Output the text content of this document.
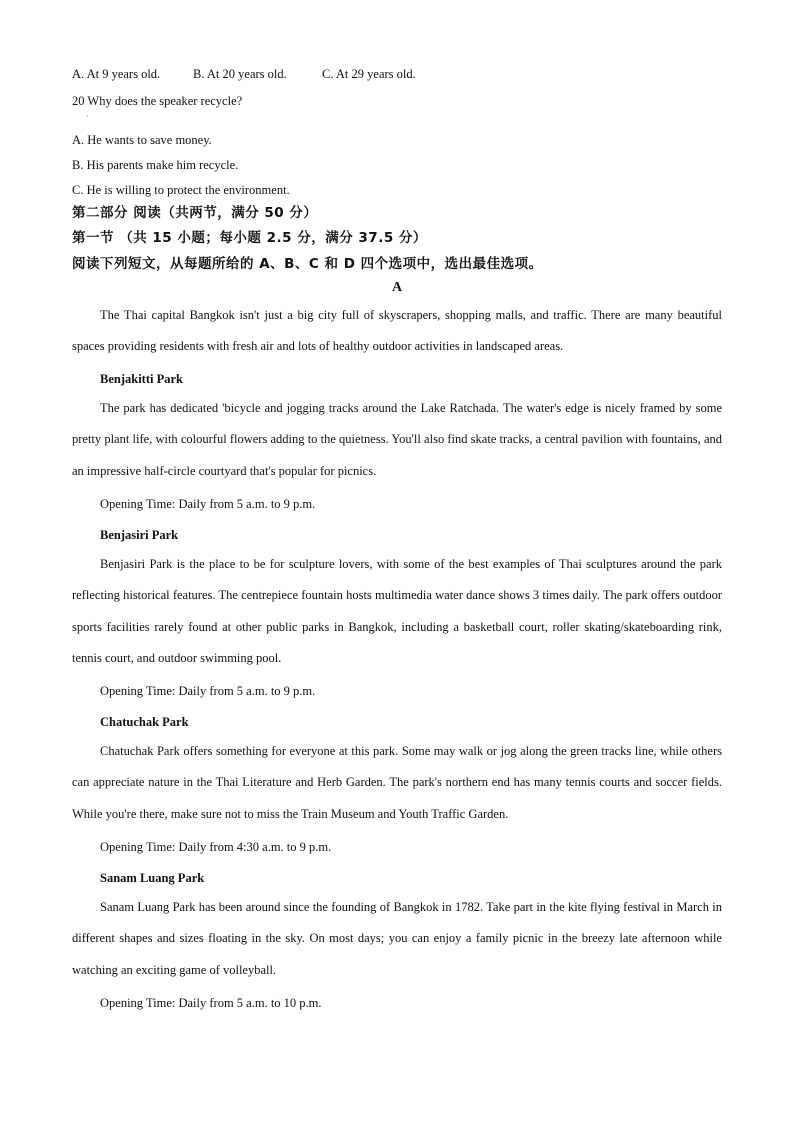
A. At 9 years old.	B. At 20 years old.	C. At 29 years old.
20 Why does the speaker recycle?
·
A. He wants to save money.
B. His parents make him recycle.
C. He is willing to protect the environment.
第二部分 阅读（共两节，满分 50 分）
第一节 （共 15 小题；每小题 2.5 分，满分 37.5 分）
阅读下列短文，从每题所给的 A、B、C 和 D 四个选项中，选出最佳选项。
A
The Thai capital Bangkok isn't just a big city full of skyscrapers, shopping malls, and traffic. There are many beautiful spaces providing residents with fresh air and lots of healthy outdoor activities in landscaped areas.
Benjakitti Park
The park has dedicated 'bicycle and jogging tracks around the Lake Ratchada. The water's edge is nicely framed by some pretty plant life, with colourful flowers adding to the quietness. You'll also find skate tracks, a central pavilion with fountains, and an impressive half-circle courtyard that's popular for picnics.
Opening Time: Daily from 5 a.m. to 9 p.m.
Benjasiri Park
Benjasiri Park is the place to be for sculpture lovers, with some of the best examples of Thai sculptures around the park reflecting historical features. The centrepiece fountain hosts multimedia water dance shows 3 times daily. The park offers outdoor sports facilities rarely found at other public parks in Bangkok, including a basketball court, roller skating/skateboarding rink, tennis court, and outdoor swimming pool.
Opening Time: Daily from 5 a.m. to 9 p.m.
Chatuchak Park
Chatuchak Park offers something for everyone at this park. Some may walk or jog along the green tracks line, while others can appreciate nature in the Thai Literature and Herb Garden. The park's northern end has many tennis courts and soccer fields. While you're there, make sure not to miss the Train Museum and Youth Traffic Garden.
Opening Time: Daily from 4:30 a.m. to 9 p.m.
Sanam Luang Park
Sanam Luang Park has been around since the founding of Bangkok in 1782. Take part in the kite flying festival in March in different shapes and sizes floating in the sky. On most days; you can enjoy a family picnic in the breezy late afternoon while watching an exciting game of volleyball.
Opening Time: Daily from 5 a.m. to 10 p.m.
